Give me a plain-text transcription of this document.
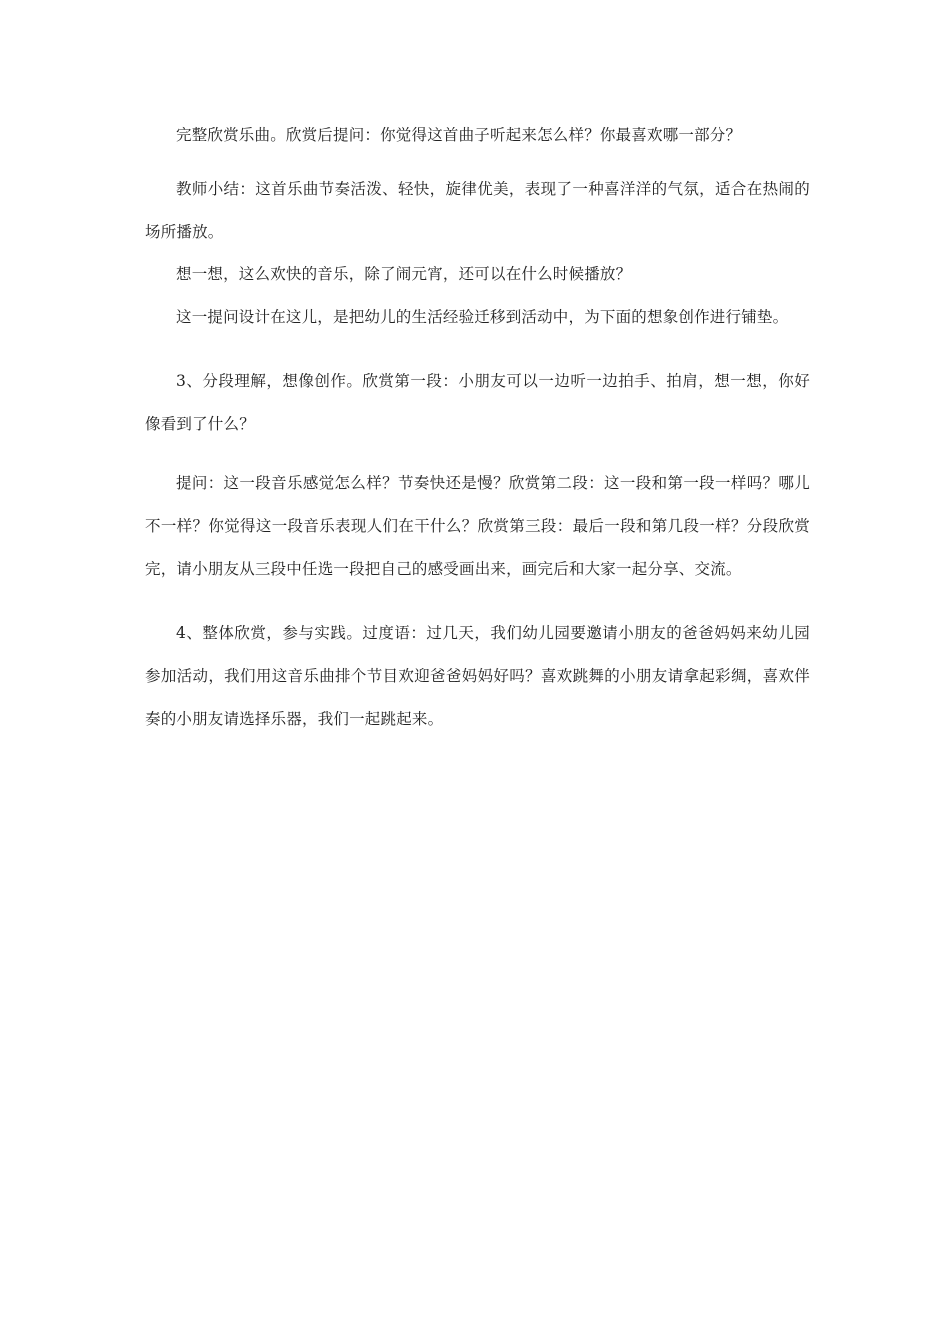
完整欣赏乐曲。欣赏后提问：你觉得这首曲子听起来怎么样？你最喜欢哪一部分？

教师小结：这首乐曲节奏活泼、轻快，旋律优美，表现了一种喜洋洋的气氛，适合在热闹的场所播放。

想一想，这么欢快的音乐，除了闹元宵，还可以在什么时候播放？

这一提问设计在这儿，是把幼儿的生活经验迁移到活动中，为下面的想象创作进行铺垫。

3、分段理解，想像创作。欣赏第一段：小朋友可以一边听一边拍手、拍肩，想一想，你好像看到了什么？

提问：这一段音乐感觉怎么样？节奏快还是慢？欣赏第二段：这一段和第一段一样吗？哪儿不一样？你觉得这一段音乐表现人们在干什么？欣赏第三段：最后一段和第几段一样？分段欣赏完，请小朋友从三段中任选一段把自己的感受画出来，画完后和大家一起分享、交流。

4、整体欣赏，参与实践。过度语：过几天，我们幼儿园要邀请小朋友的爸爸妈妈来幼儿园参加活动，我们用这音乐曲排个节目欢迎爸爸妈妈好吗？喜欢跳舞的小朋友请拿起彩绸，喜欢伴奏的小朋友请选择乐器，我们一起跳起来。
